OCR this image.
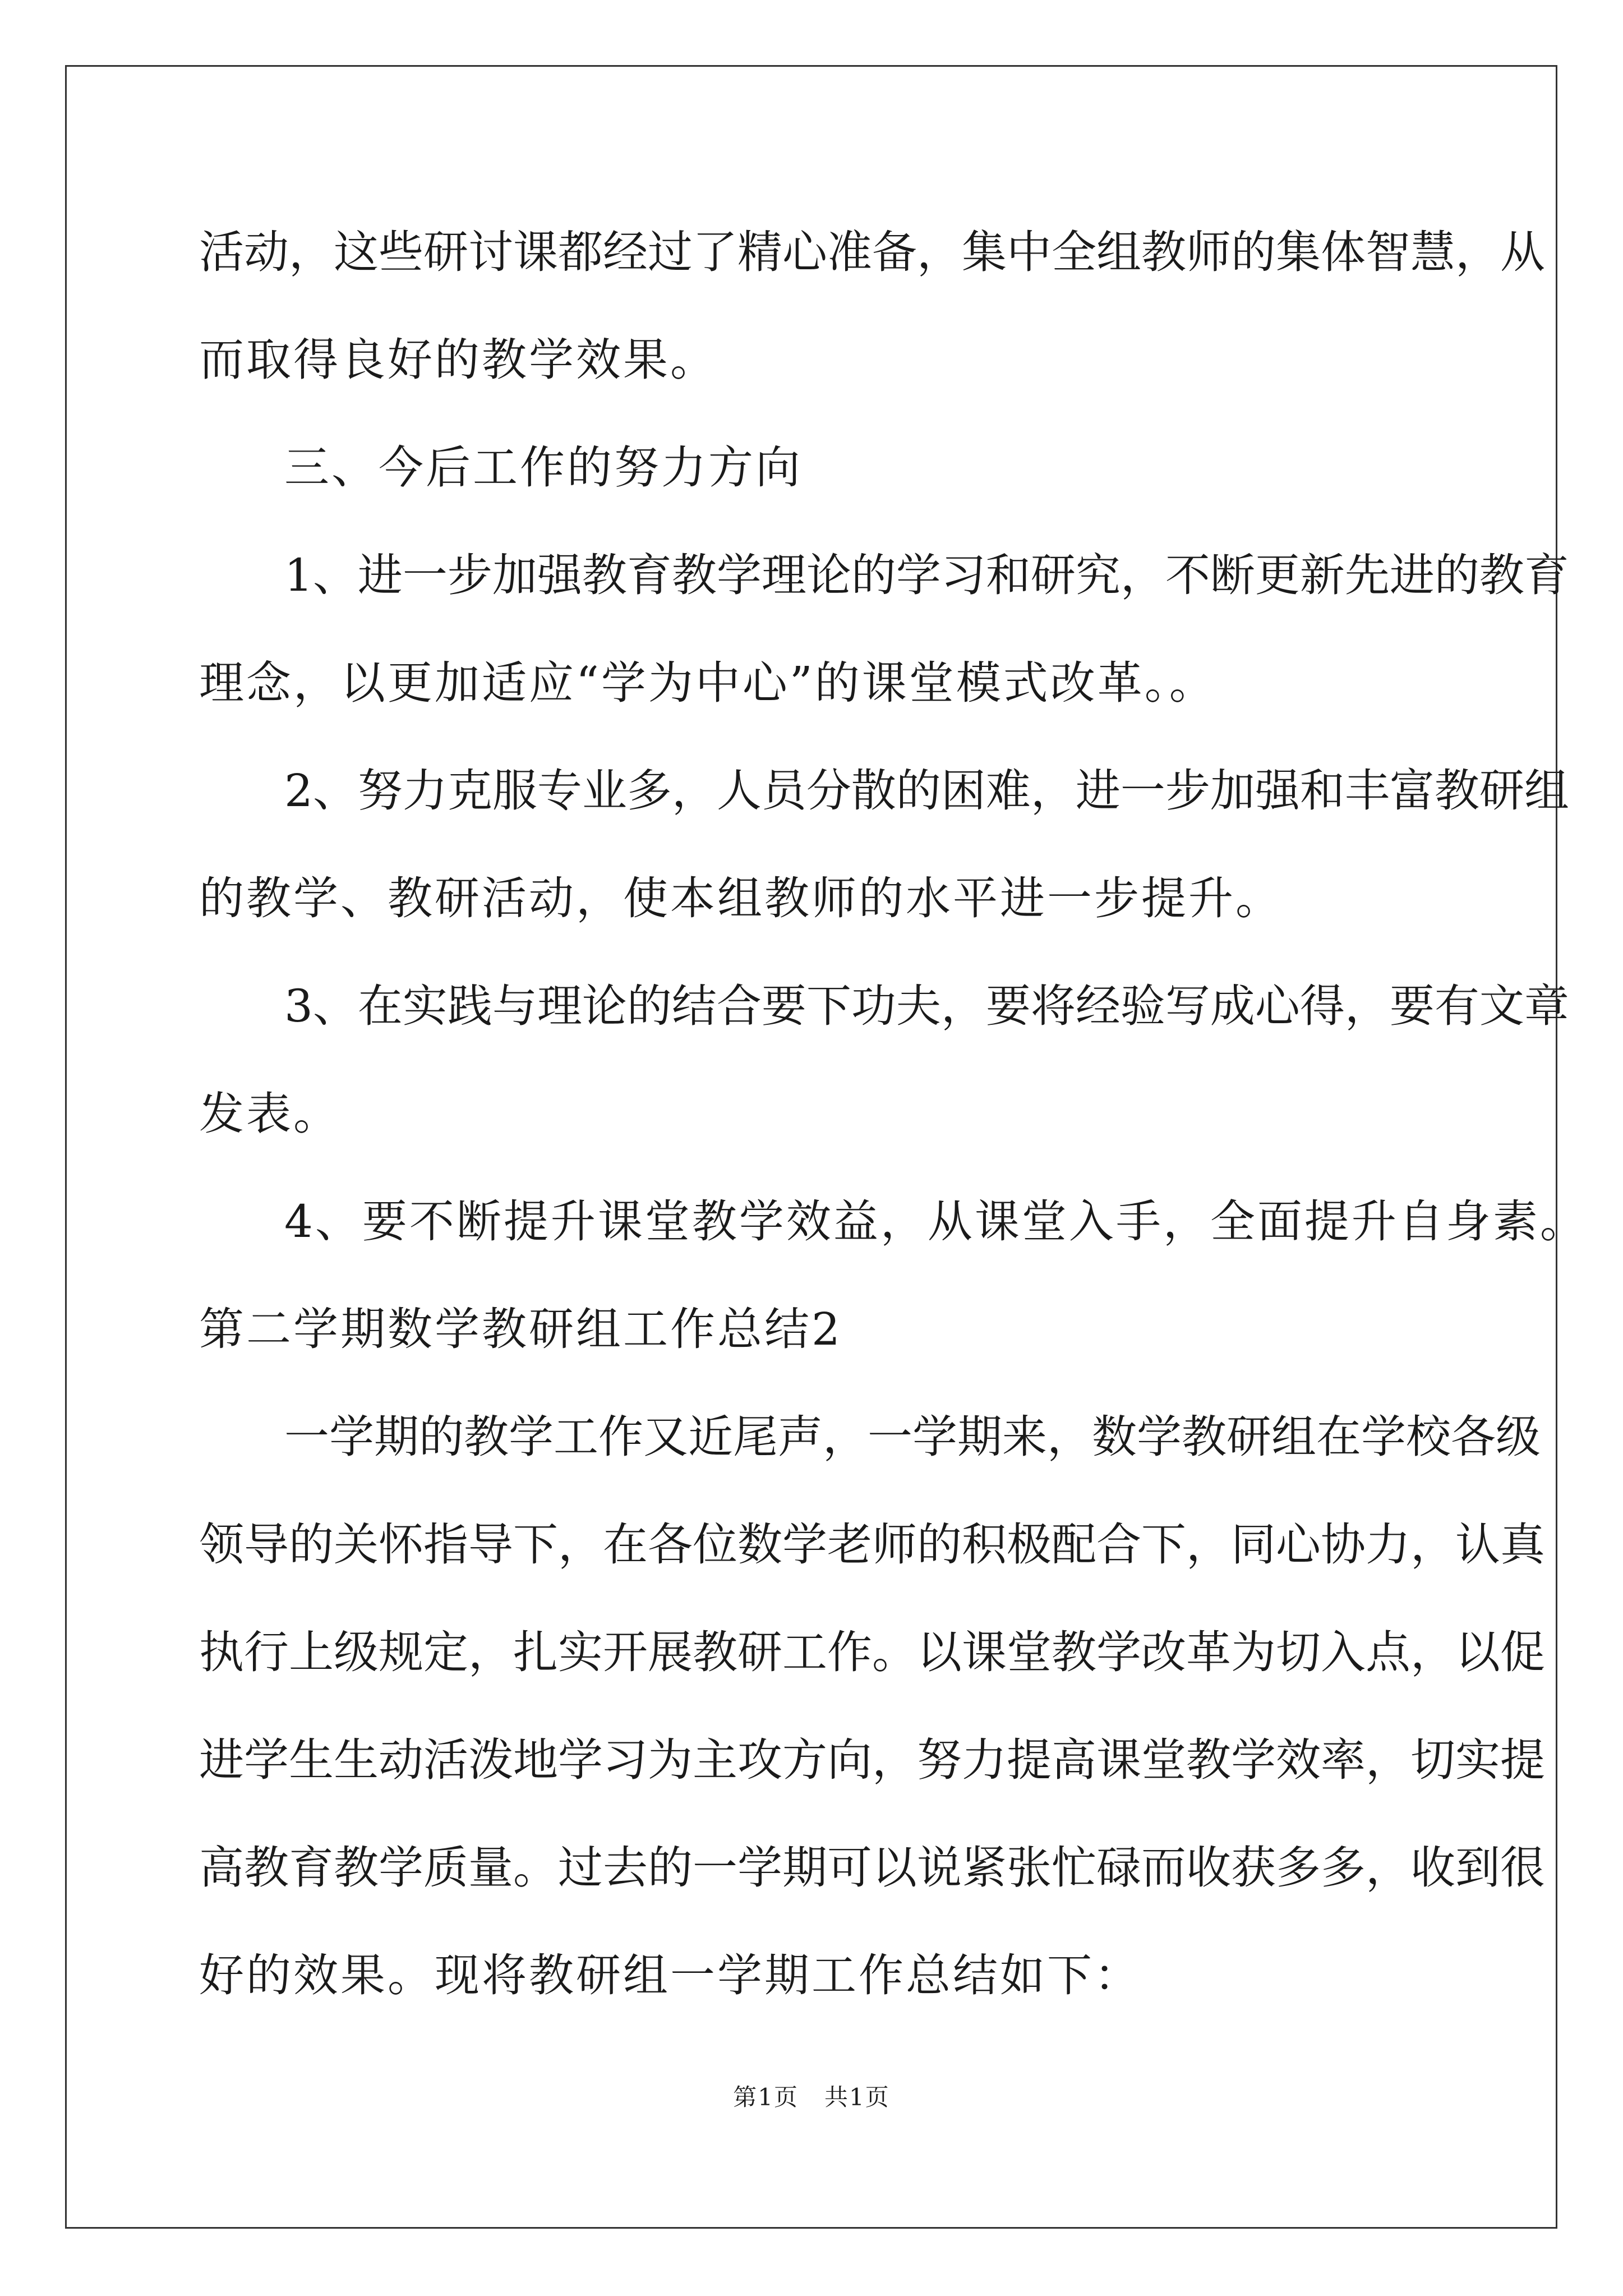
活动，这些研讨课都经过了精心准备，集中全组教师的集体智慧，从
而取得良好的教学效果。
三、今后工作的努力方向
1、进一步加强教育教学理论的学习和研究，不断更新先进的教育
理念，以更加适应“学为中心”的课堂模式改革。。
2、努力克服专业多，人员分散的困难，进一步加强和丰富教研组
的教学、教研活动，使本组教师的水平进一步提升。
3、在实践与理论的结合要下功夫，要将经验写成心得，要有文章
发表。
4、要不断提升课堂教学效益，从课堂入手，全面提升自身素。
第二学期数学教研组工作总结2
一学期的教学工作又近尾声，一学期来，数学教研组在学校各级
领导的关怀指导下，在各位数学老师的积极配合下，同心协力，认真
执行上级规定，扎实开展教研工作。以课堂教学改革为切入点，以促
进学生生动活泼地学习为主攻方向，努力提高课堂教学效率，切实提
高教育教学质量。过去的一学期可以说紧张忙碌而收获多多，收到很
好的效果。现将教研组一学期工作总结如下：
第1页 共1页
